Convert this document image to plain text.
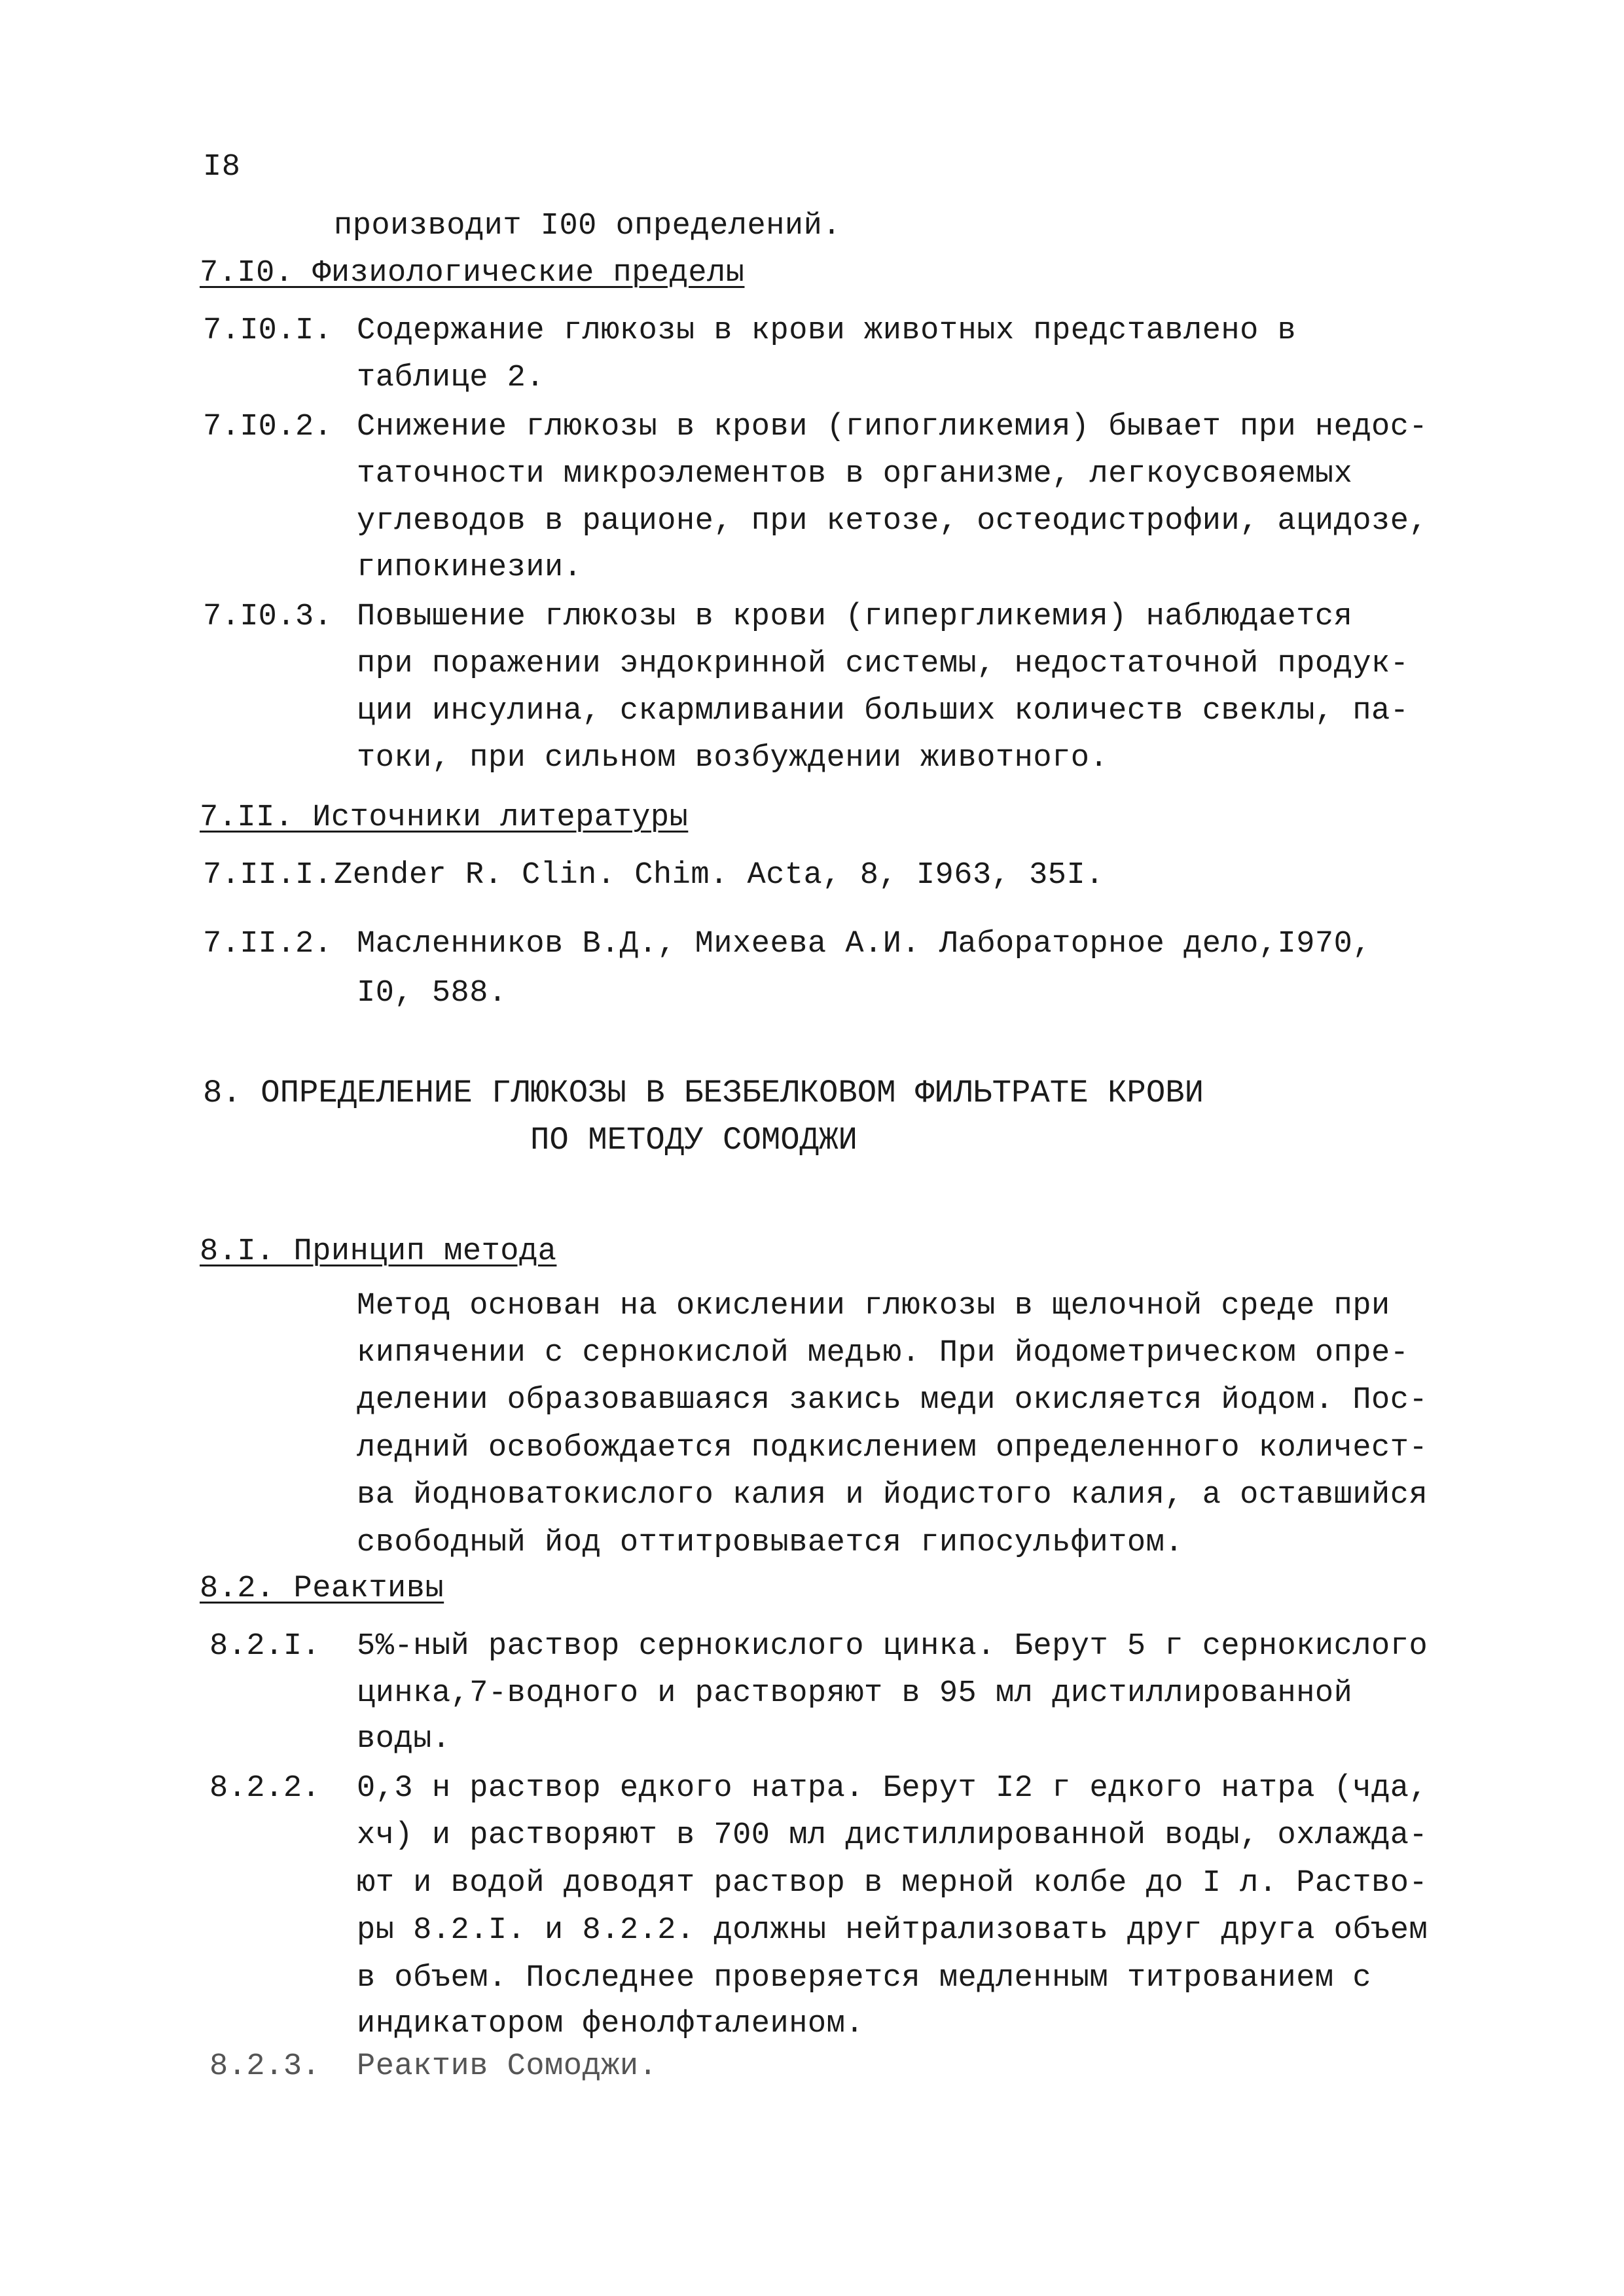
I8
производит I00 определений.
7.I0. Физиологические пределы
7.I0.I. Содержание глюкозы в крови животных представлено в
таблице 2.
7.I0.2. Снижение глюкозы в крови (гипогликемия) бывает при недос-
таточности микроэлементов в организме, легкоусвояемых
углеводов в рационе, при кетозе, остеодистрофии, ацидозе,
гипокинезии.
7.I0.3. Повышение глюкозы в крови (гипергликемия) наблюдается
при поражении эндокринной системы, недостаточной продук-
ции инсулина, скармливании больших количеств свеклы, па-
токи, при сильном возбуждении животного.
7.II. Источники литературы
7.II.I. Zender R. Clin. Chim. Acta, 8, I963, 35I.
7.II.2. Масленников В.Д., Михеева А.И. Лабораторное дело,I970,
I0, 588.
8. ОПРЕДЕЛЕНИЕ ГЛЮКОЗЫ В БЕЗБЕЛКОВОМ ФИЛЬТРАТЕ КРОВИ
ПО МЕТОДУ СОМОДЖИ
8.I. Принцип метода
Метод основан на окислении глюкозы в щелочной среде при
кипячении с сернокислой медью. При йодометрическом опре-
делении образовавшаяся закись меди окисляется йодом. Пос-
ледний освобождается подкислением определенного количест-
ва йодноватокислого калия и йодистого калия, а оставшийся
свободный йод оттитровывается гипосульфитом.
8.2. Реактивы
8.2.I. 5%-ный раствор сернокислого цинка. Берут 5 г сернокислого
цинка,7-водного и растворяют в 95 мл дистиллированной
воды.
8.2.2. 0,3 н раствор едкого натра. Берут I2 г едкого натра (чда,
хч) и растворяют в 700 мл дистиллированной воды, охлажда-
ют и водой доводят раствор в мерной колбе до I л. Раство-
ры 8.2.I. и 8.2.2. должны нейтрализовать друг друга объем
в объем. Последнее проверяется медленным титрованием с
индикатором фенолфталеином.
8.2.3. Реактив Сомоджи.
